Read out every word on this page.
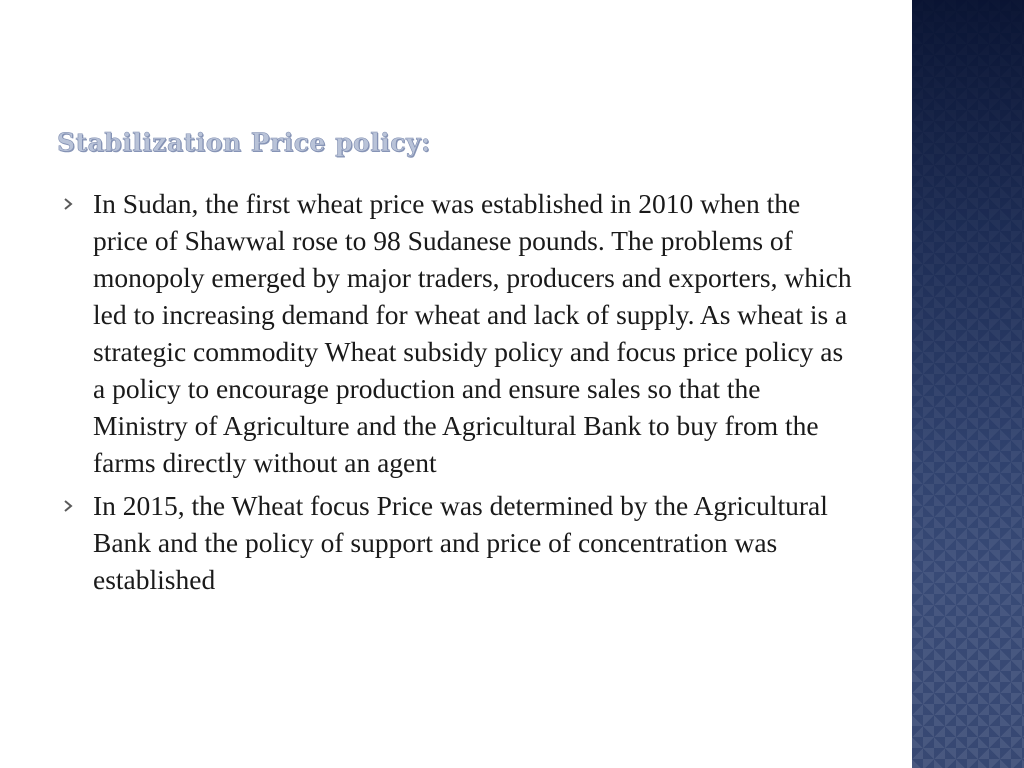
Stabilization Price policy:
In Sudan, the first wheat price was established in 2010 when the price of Shawwal rose to 98 Sudanese pounds. The problems of monopoly emerged by major traders, producers and exporters, which led to increasing demand for wheat and lack of supply. As wheat is a strategic commodity Wheat subsidy policy and focus price policy as a policy to encourage production and ensure sales so that the Ministry of Agriculture and the Agricultural Bank to buy from the farms directly without an agent
In 2015, the Wheat focus Price was determined by the Agricultural Bank and the policy of support and price of concentration was established
